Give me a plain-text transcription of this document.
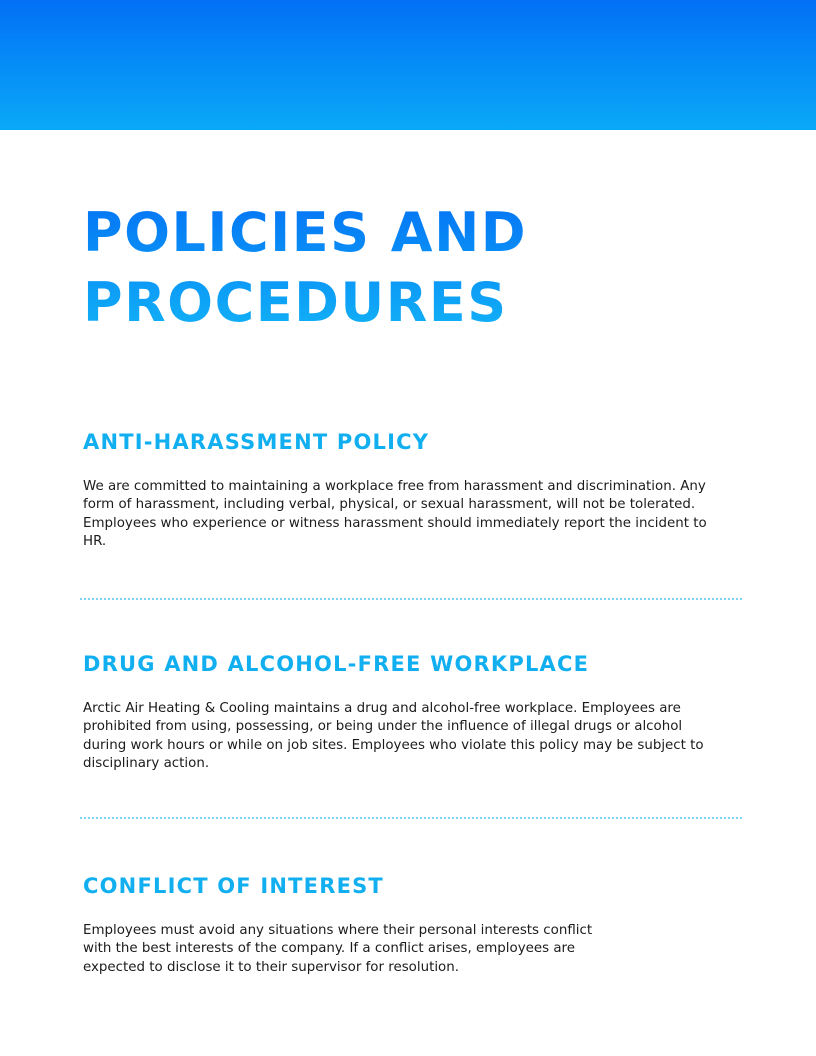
POLICIES AND
PROCEDURES
ANTI-HARASSMENT POLICY

We are committed to maintaining a workplace free from harassment and discrimination. Any form of harassment, including verbal, physical, or sexual harassment, will not be tolerated. Employees who experience or witness harassment should immediately report the incident to HR.

DRUG AND ALCOHOL-FREE WORKPLACE

Arctic Air Heating & Cooling maintains a drug and alcohol-free workplace. Employees are prohibited from using, possessing, or being under the influence of illegal drugs or alcohol during work hours or while on job sites. Employees who violate this policy may be subject to disciplinary action.

CONFLICT OF INTEREST

Employees must avoid any situations where their personal interests conflict with the best interests of the company. If a conflict arises, employees are expected to disclose it to their supervisor for resolution.
